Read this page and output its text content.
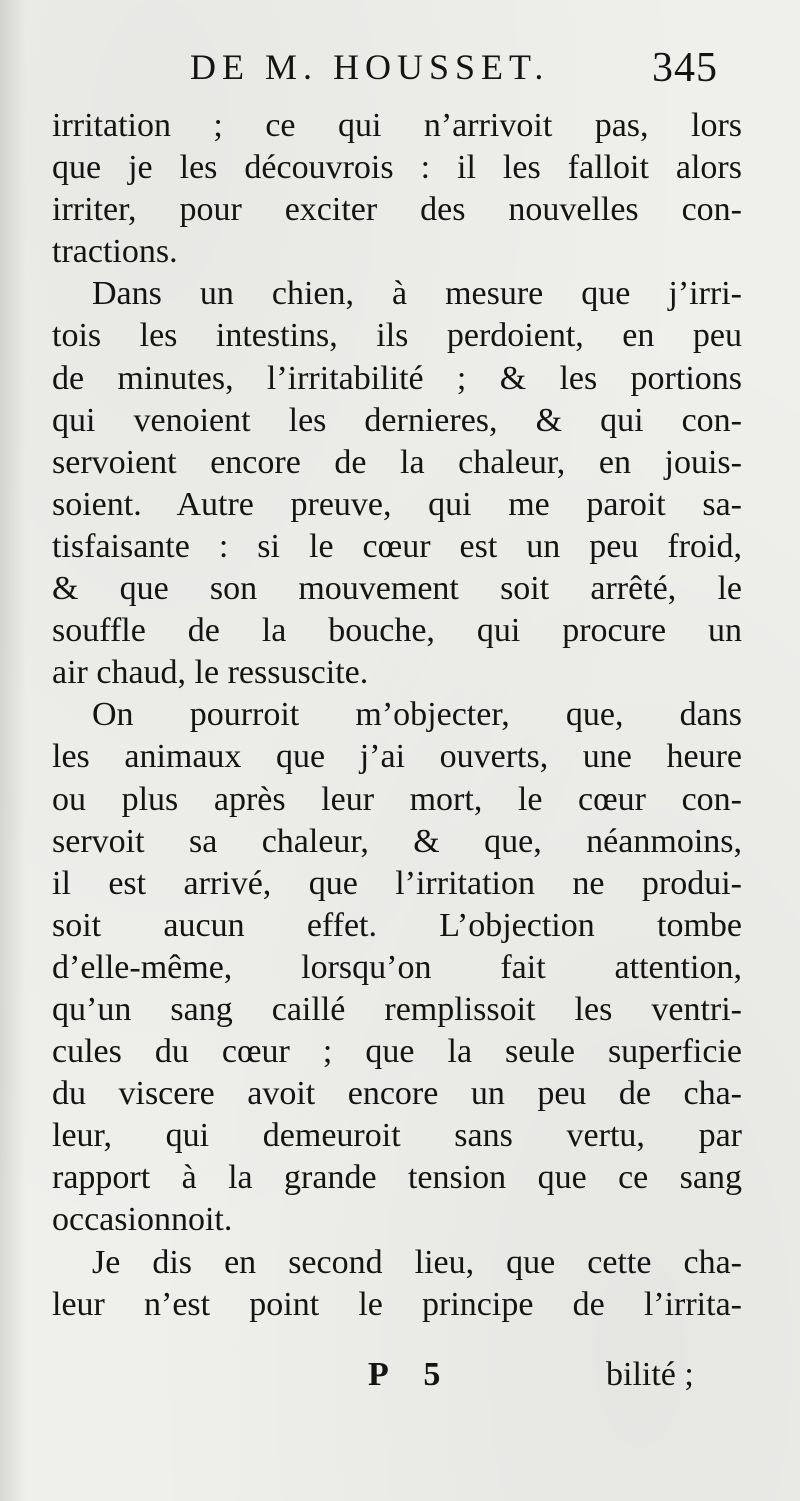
DE M. HOUSSET. 345
irritation ; ce qui n’arrivoit pas, lors
que je les découvrois : il les falloit alors
irriter, pour exciter des nouvelles con-
tractions.
Dans un chien, à mesure que j’irri-
tois les intestins, ils perdoient, en peu
de minutes, l’irritabilité ; & les portions
qui venoient les dernieres, & qui con-
servoient encore de la chaleur, en jouis-
soient. Autre preuve, qui me paroit sa-
tisfaisante : si le cœur est un peu froid,
& que son mouvement soit arrêté, le
souffle de la bouche, qui procure un
air chaud, le ressuscite.
On pourroit m’objecter, que, dans
les animaux que j’ai ouverts, une heure
ou plus après leur mort, le cœur con-
servoit sa chaleur, & que, néanmoins,
il est arrivé, que l’irritation ne produi-
soit aucun effet. L’objection tombe
d’elle-même, lorsqu’on fait attention,
qu’un sang caillé remplissoit les ventri-
cules du cœur ; que la seule superficie
du viscere avoit encore un peu de cha-
leur, qui demeuroit sans vertu, par
rapport à la grande tension que ce sang
occasionnoit.
Je dis en second lieu, que cette cha-
leur n’est point le principe de l’irrita-
P 5	bilité ;
